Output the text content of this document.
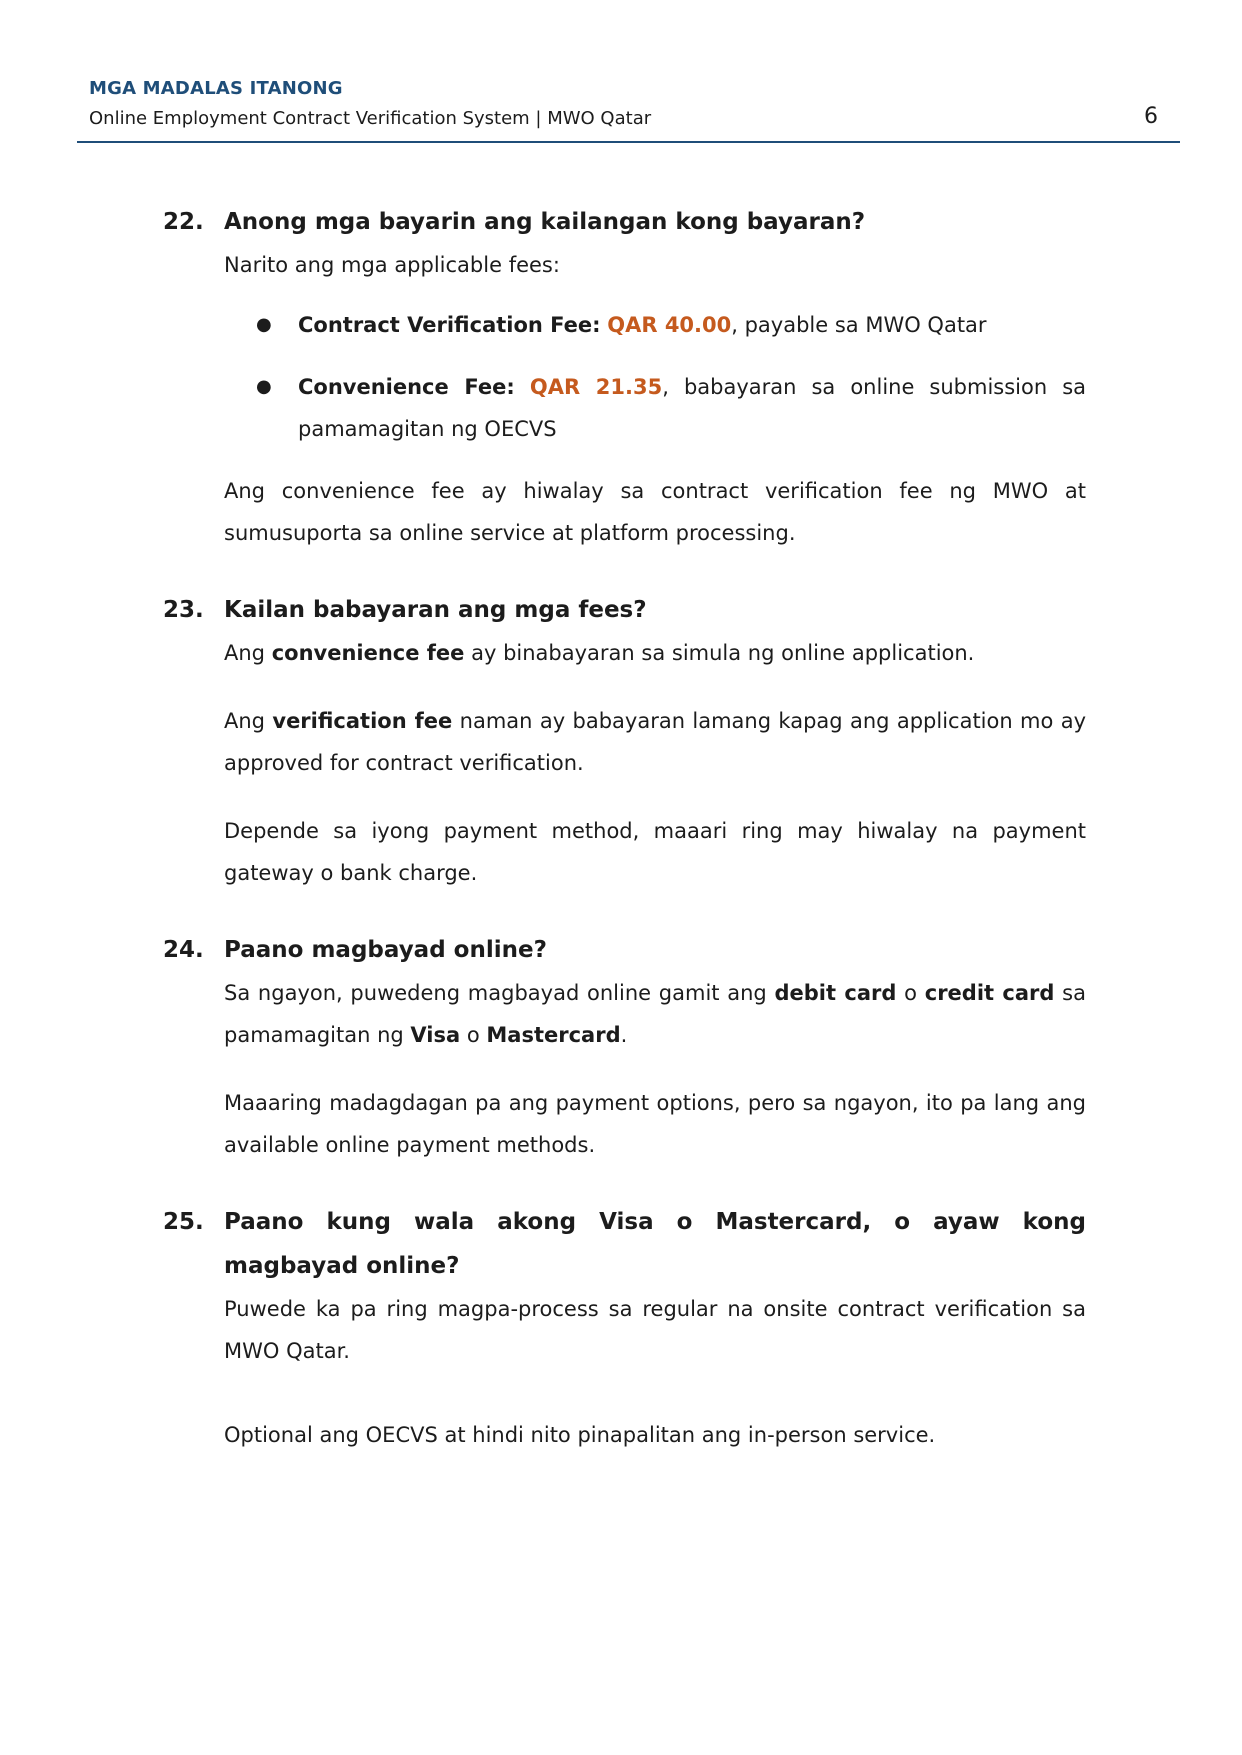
MGA MADALAS ITANONG
Online Employment Contract Verification System | MWO Qatar	6
22. Anong mga bayarin ang kailangan kong bayaran?

Narito ang mga applicable fees:

● Contract Verification Fee: QAR 40.00, payable sa MWO Qatar
● Convenience Fee: QAR 21.35, babayaran sa online submission sa pamamagitan ng OECVS

Ang convenience fee ay hiwalay sa contract verification fee ng MWO at sumusuporta sa online service at platform processing.

23. Kailan babayaran ang mga fees?

Ang convenience fee ay binabayaran sa simula ng online application.

Ang verification fee naman ay babayaran lamang kapag ang application mo ay approved for contract verification.

Depende sa iyong payment method, maaari ring may hiwalay na payment gateway o bank charge.

24. Paano magbayad online?

Sa ngayon, puwedeng magbayad online gamit ang debit card o credit card sa pamamagitan ng Visa o Mastercard.

Maaaring madagdagan pa ang payment options, pero sa ngayon, ito pa lang ang available online payment methods.

25. Paano kung wala akong Visa o Mastercard, o ayaw kong magbayad online?

Puwede ka pa ring magpa-process sa regular na onsite contract verification sa MWO Qatar.

Optional ang OECVS at hindi nito pinapalitan ang in-person service.
